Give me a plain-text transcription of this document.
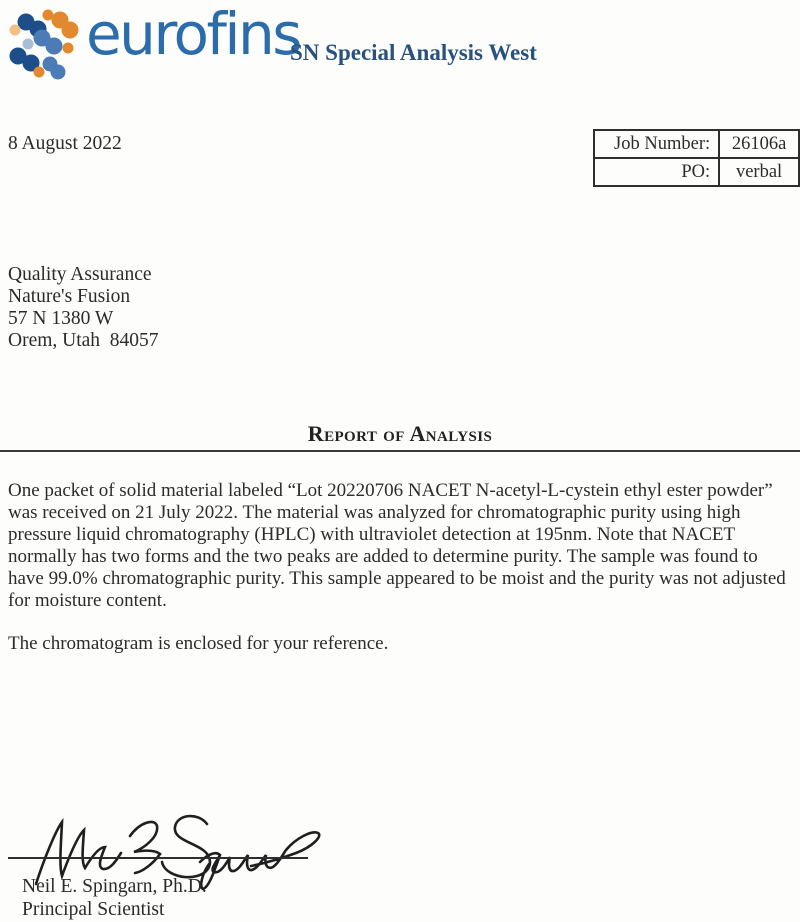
eurofins
SN Special Analysis West
8 August 2022	Job Number:	26106a
PO:	verbal
Quality Assurance
Nature's Fusion
57 N 1380 W
Orem, Utah  84057
Report of Analysis

One packet of solid material labeled “Lot 20220706 NACET N-acetyl-L-cystein ethyl ester powder” was received on 21 July 2022. The material was analyzed for chromatographic purity using high pressure liquid chromatography (HPLC) with ultraviolet detection at 195nm. Note that NACET normally has two forms and the two peaks are added to determine purity. The sample was found to have 99.0% chromatographic purity. This sample appeared to be moist and the purity was not adjusted for moisture content.

The chromatogram is enclosed for your reference.

Neil E. Spingarn, Ph.D.
Principal Scientist
